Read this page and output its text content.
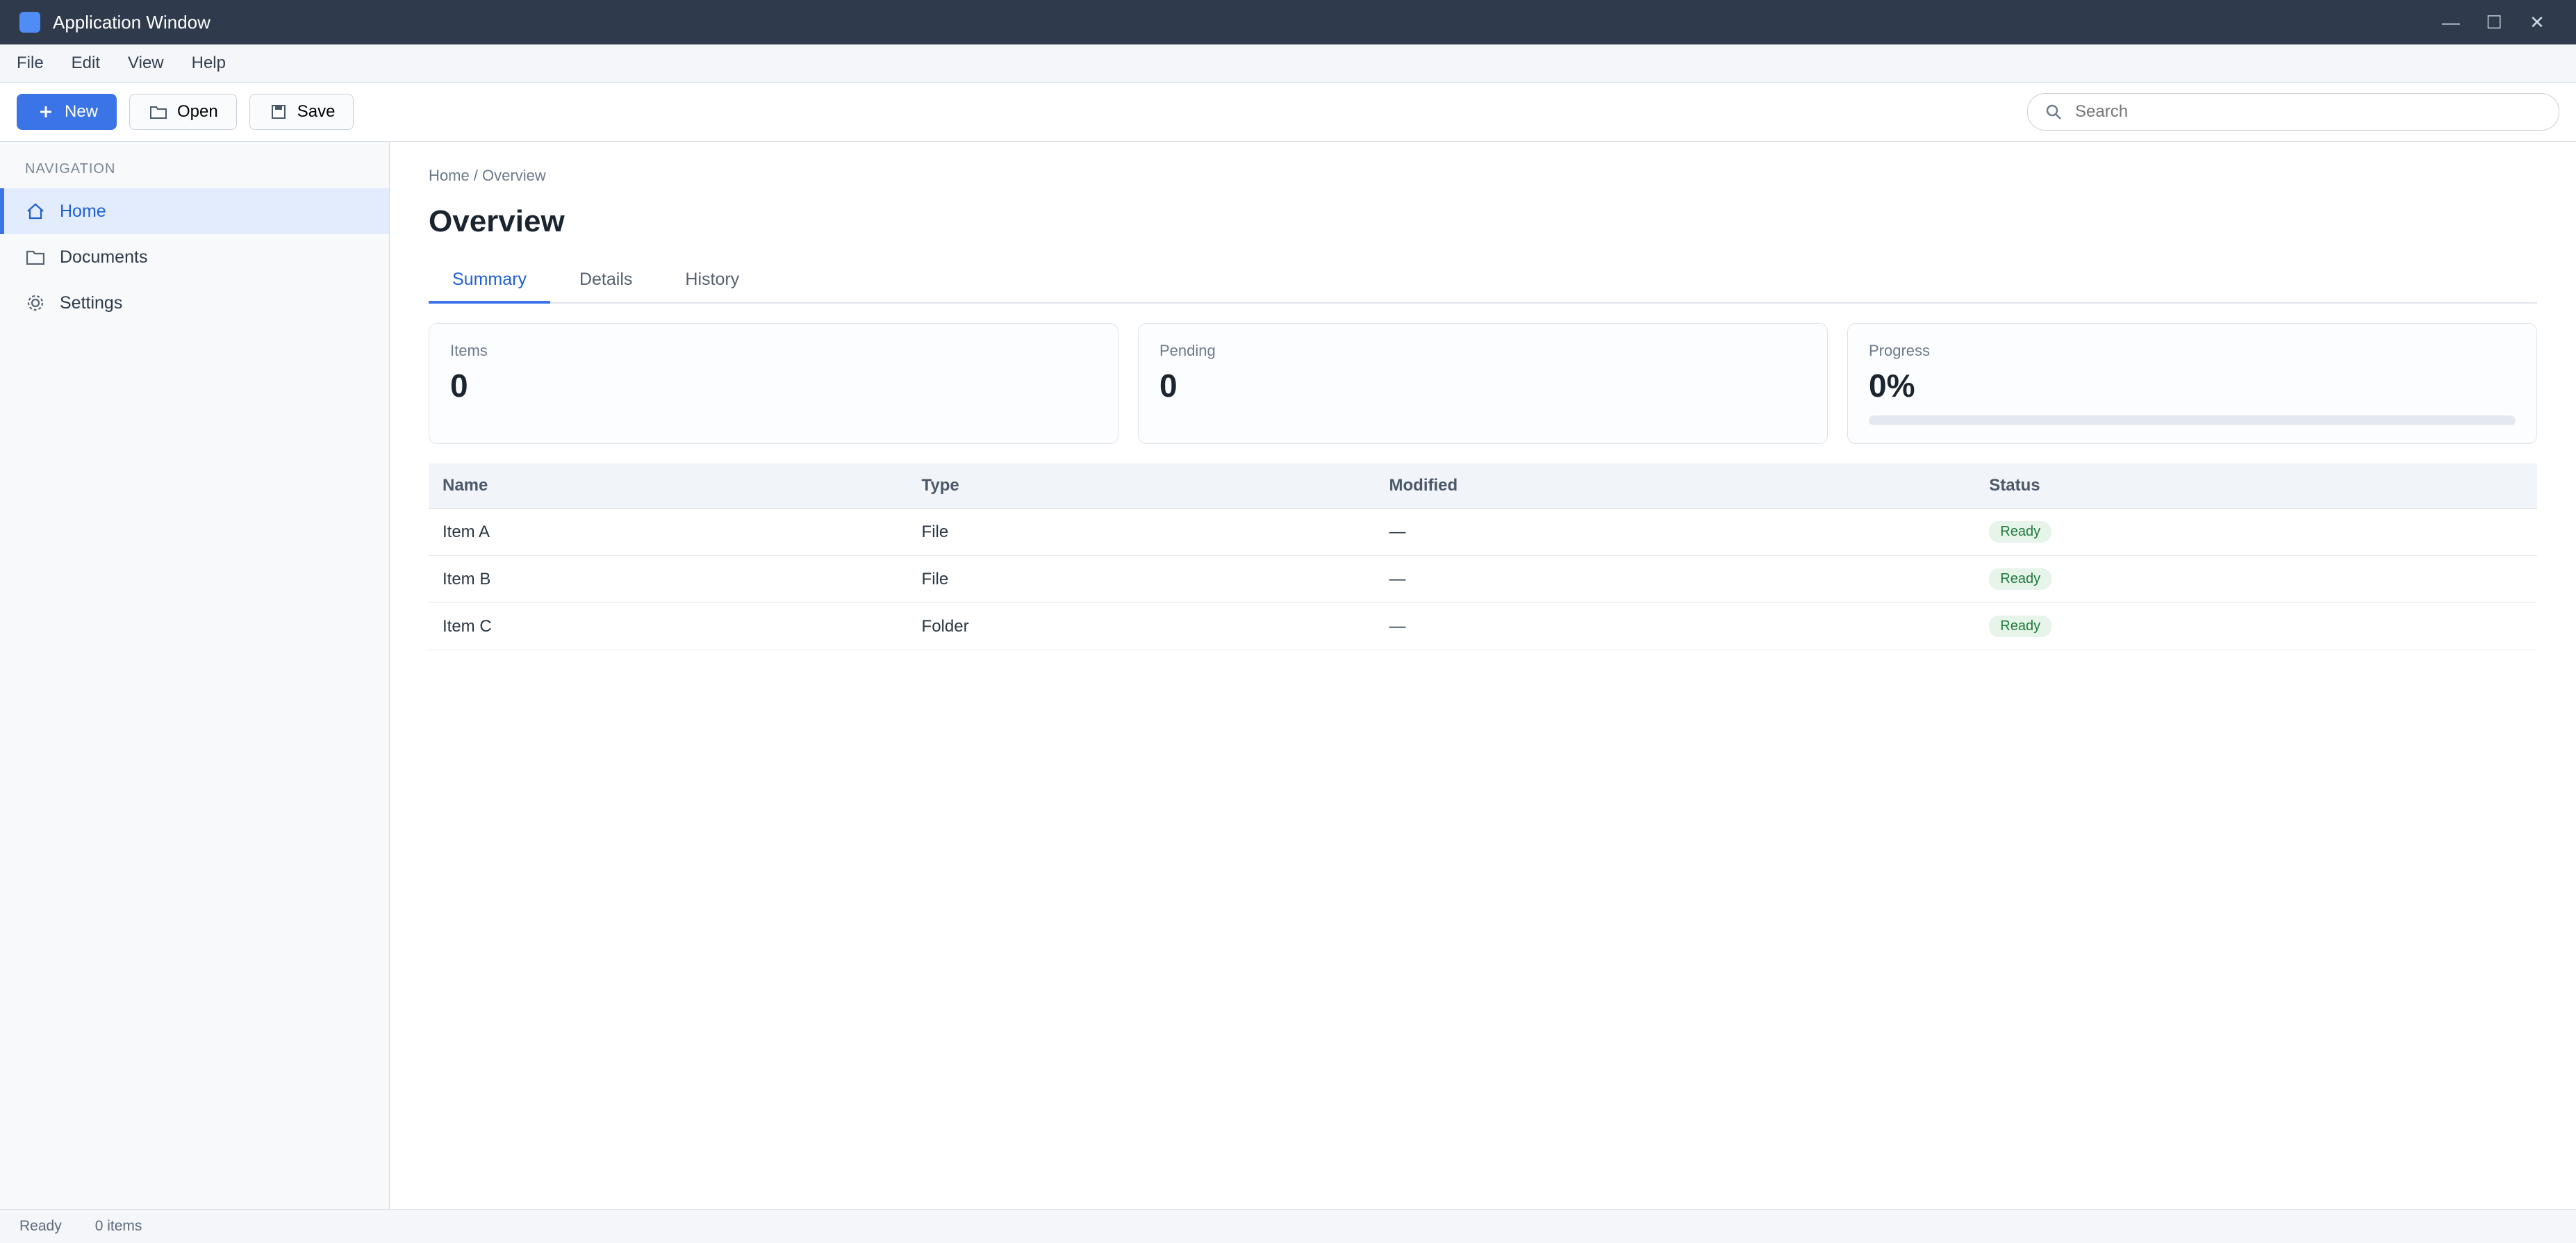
Application Window	—	☐	✕
File Edit View Help
New	Open	Save
Search
NAVIGATION
Home
Documents
Settings
Home / Overview
Overview
Summary	Details	History
Items
0
Pending
0
Progress
0%
Name	Type	Modified	Status
Item A	File	—	Ready
Item B	File	—	Ready
Item C	Folder	—	Ready
Ready 0 items
